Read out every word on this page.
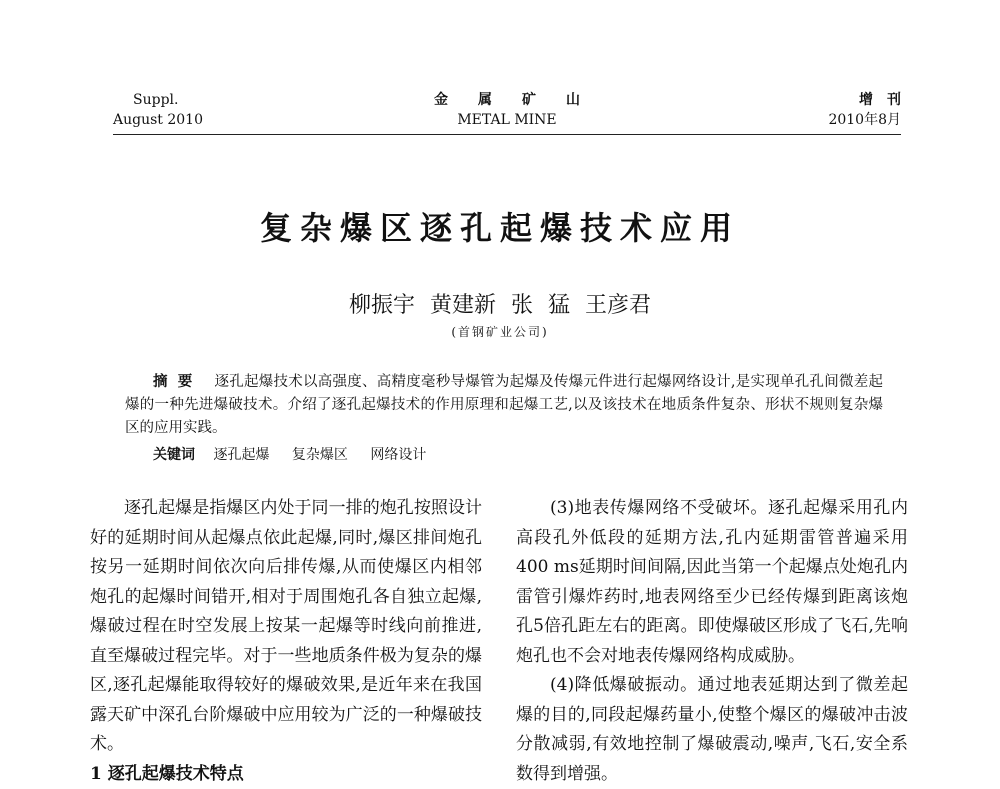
Suppl.
August 2010
金属矿山
METAL MINE
增刊
2010年8月
复杂爆区逐孔起爆技术应用
柳振宇 黄建新 张 猛 王彦君
(首钢矿业公司)
摘要 逐孔起爆技术以高强度、高精度毫秒导爆管为起爆及传爆元件进行起爆网络设计,是实现单孔孔间微差起爆的一种先进爆破技术。介绍了逐孔起爆技术的作用原理和起爆工艺,以及该技术在地质条件复杂、形状不规则复杂爆区的应用实践。
关键词 逐孔起爆 复杂爆区 网络设计

逐孔起爆是指爆区内处于同一排的炮孔按照设计好的延期时间从起爆点依此起爆,同时,爆区排间炮孔按另一延期时间依次向后排传爆,从而使爆区内相邻炮孔的起爆时间错开,相对于周围炮孔各自独立起爆,爆破过程在时空发展上按某一起爆等时线向前推进,直至爆破过程完毕。对于一些地质条件极为复杂的爆区,逐孔起爆能取得较好的爆破效果,是近年来在我国露天矿中深孔台阶爆破中应用较为广泛的一种爆破技术。

1 逐孔起爆技术特点

(3)地表传爆网络不受破坏。逐孔起爆采用孔内高段孔外低段的延期方法,孔内延期雷管普遍采用400 ms延期时间间隔,因此当第一个起爆点处炮孔内雷管引爆炸药时,地表网络至少已经传爆到距离该炮孔5倍孔距左右的距离。即使爆破区形成了飞石,先响炮孔也不会对地表传爆网络构成威胁。

(4)降低爆破振动。通过地表延期达到了微差起爆的目的,同段起爆药量小,使整个爆区的爆破冲击波分散减弱,有效地控制了爆破震动,噪声,飞石,安全系数得到增强。
